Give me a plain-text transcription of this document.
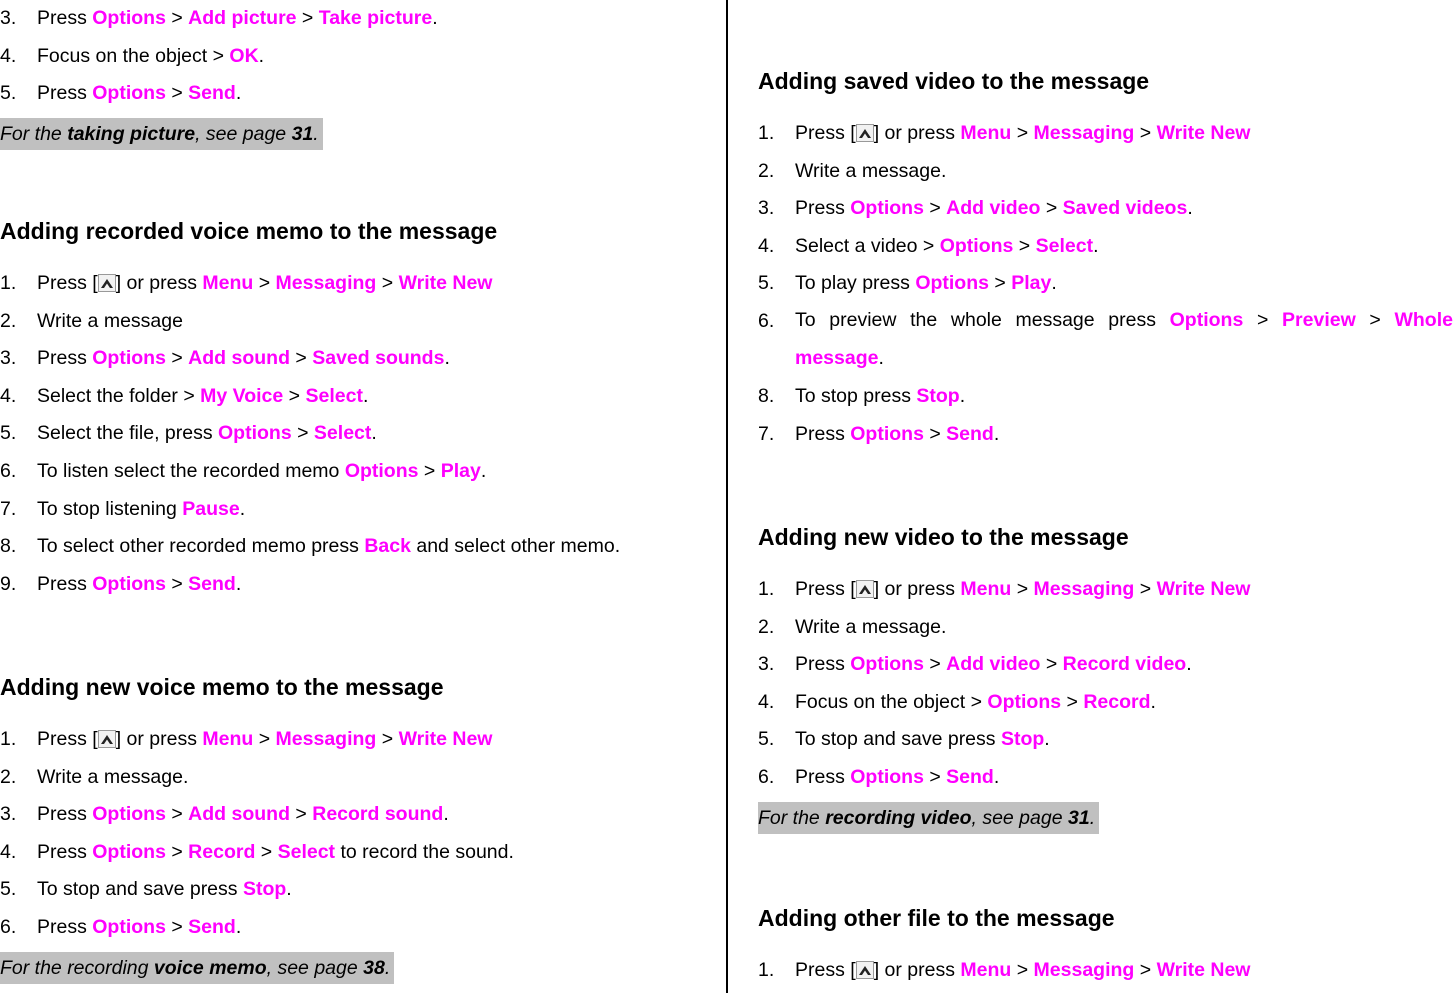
3.	Press Options > Add picture > Take picture.
4.	Focus on the object > OK.
5.	Press Options > Send.
For the taking picture, see page 31.
Adding recorded voice memo to the message
1.	Press [ ] or press Menu > Messaging > Write New
2.	Write a message
3.	Press Options > Add sound > Saved sounds.
4.	Select the folder > My Voice > Select.
5.	Select the file, press Options > Select.
6.	To listen select the recorded memo Options > Play.
7.	To stop listening Pause.
8.	To select other recorded memo press Back and select other memo.
9.	Press Options > Send.
Adding new voice memo to the message
1.	Press [ ] or press Menu > Messaging > Write New
2.	Write a message.
3.	Press Options > Add sound > Record sound.
4.	Press Options > Record > Select to record the sound.
5.	To stop and save press Stop.
6.	Press Options > Send.
For the recording voice memo, see page 38.
Adding saved video to the message
1.	Press [ ] or press Menu > Messaging > Write New
2.	Write a message.
3.	Press Options > Add video > Saved videos.
4.	Select a video > Options > Select.
5.	To play press Options > Play.
6.	To preview the whole message press Options > Preview > Whole message.
8.	To stop press Stop.
7.	Press Options > Send.
Adding new video to the message
1.	Press [ ] or press Menu > Messaging > Write New
2.	Write a message.
3.	Press Options > Add video > Record video.
4.	Focus on the object > Options > Record.
5.	To stop and save press Stop.
6.	Press Options > Send.
For the recording video, see page 31.
Adding other file to the message
1.	Press [ ] or press Menu > Messaging > Write New
